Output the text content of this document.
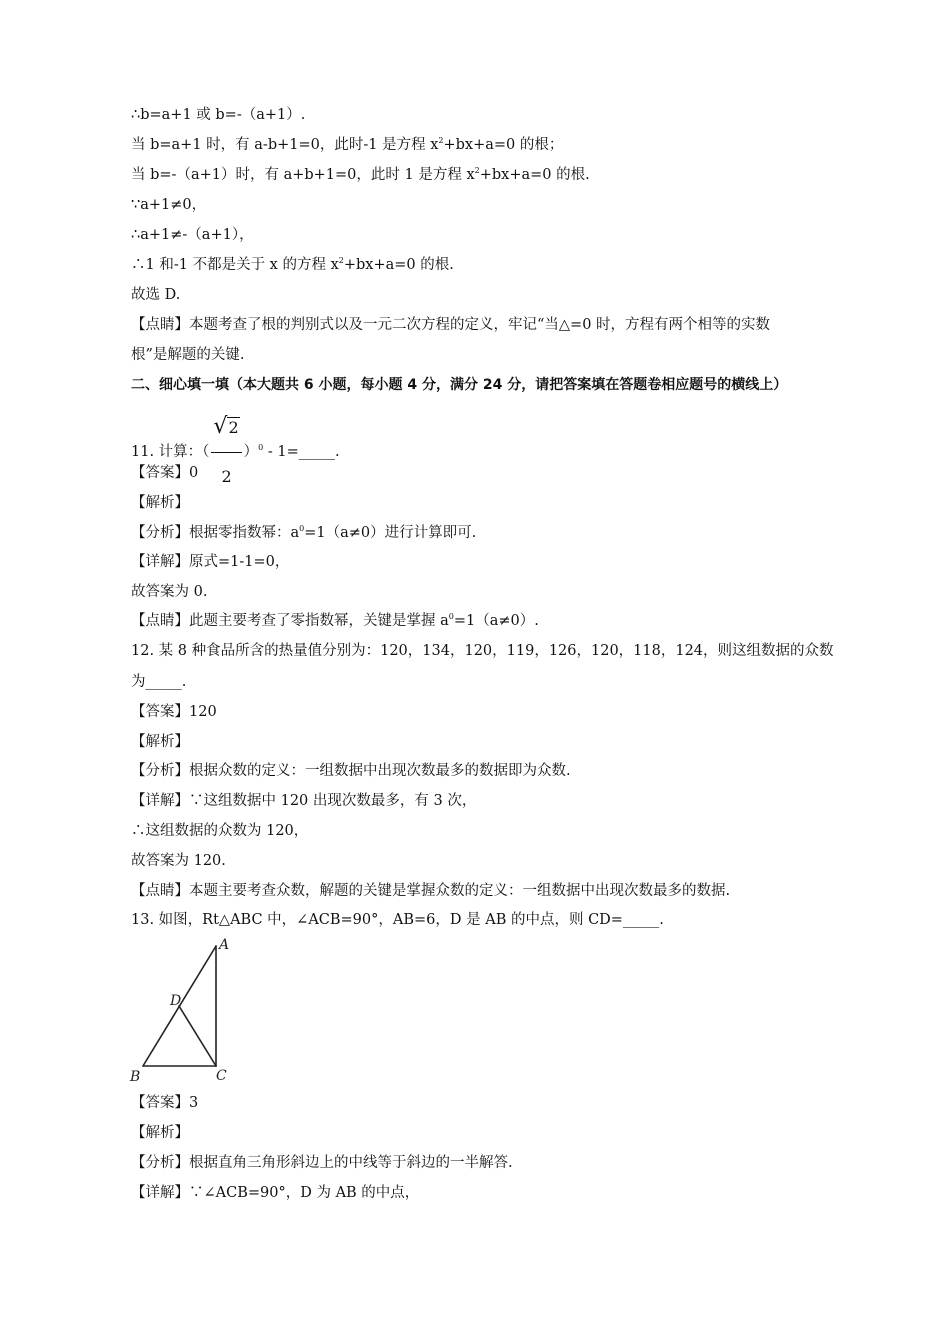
∴b=a+1 或 b=-（a+1）.
当 b=a+1 时，有 a-b+1=0，此时-1 是方程 $x^2+bx+a=0$ 的根；
当 b=-（a+1）时，有 a+b+1=0，此时 1 是方程 $x^2+bx+a=0$ 的根.
∵a+1≠0，
∴a+1≠-（a+1），
∴1 和-1 不都是关于 x 的方程 $x^2+bx+a=0$ 的根.
故选 D.
【点睛】本题考查了根的判别式以及一元二次方程的定义，牢记“当△=0 时，方程有两个相等的实数
根”是解题的关键.
二、细心填一填（本大题共 6 小题，每小题 4 分，满分 24 分，请把答案填在答题卷相应题号的横线上）
11. 计算：（ $\frac{√2}{2} )^0$ - 1=_____.
【答案】0
【解析】
【分析】根据零指数幂：$a^0=1(a\ne 0)$进行计算即可.
【详解】原式=1-1=0，
故答案为 0.
【点睛】此题主要考查了零指数幂，关键是掌握 $a^0=1(a\ne 0)$.
12. 某 8 种食品所含的热量值分别为：120，134，120，119，126，120，118，124，则这组数据的众数
为_____.
【答案】120
【解析】
【分析】根据众数的定义：一组数据中出现次数最多的数据即为众数.
【详解】∵这组数据中 120 出现次数最多，有 3 次，
∴这组数据的众数为 120，
故答案为 120.
【点睛】本题主要考查众数，解题的关键是掌握众数的定义：一组数据中出现次数最多的数据.
13. 如图，Rt△ABC 中，∠ACB=90°，AB=6，D 是 AB 的中点，则 CD=_____.
A
B	C
D
【答案】3
【解析】
【分析】根据直角三角形斜边上的中线等于斜边的一半解答.
【详解】∵∠ACB=90°，D 为 AB 的中点，
